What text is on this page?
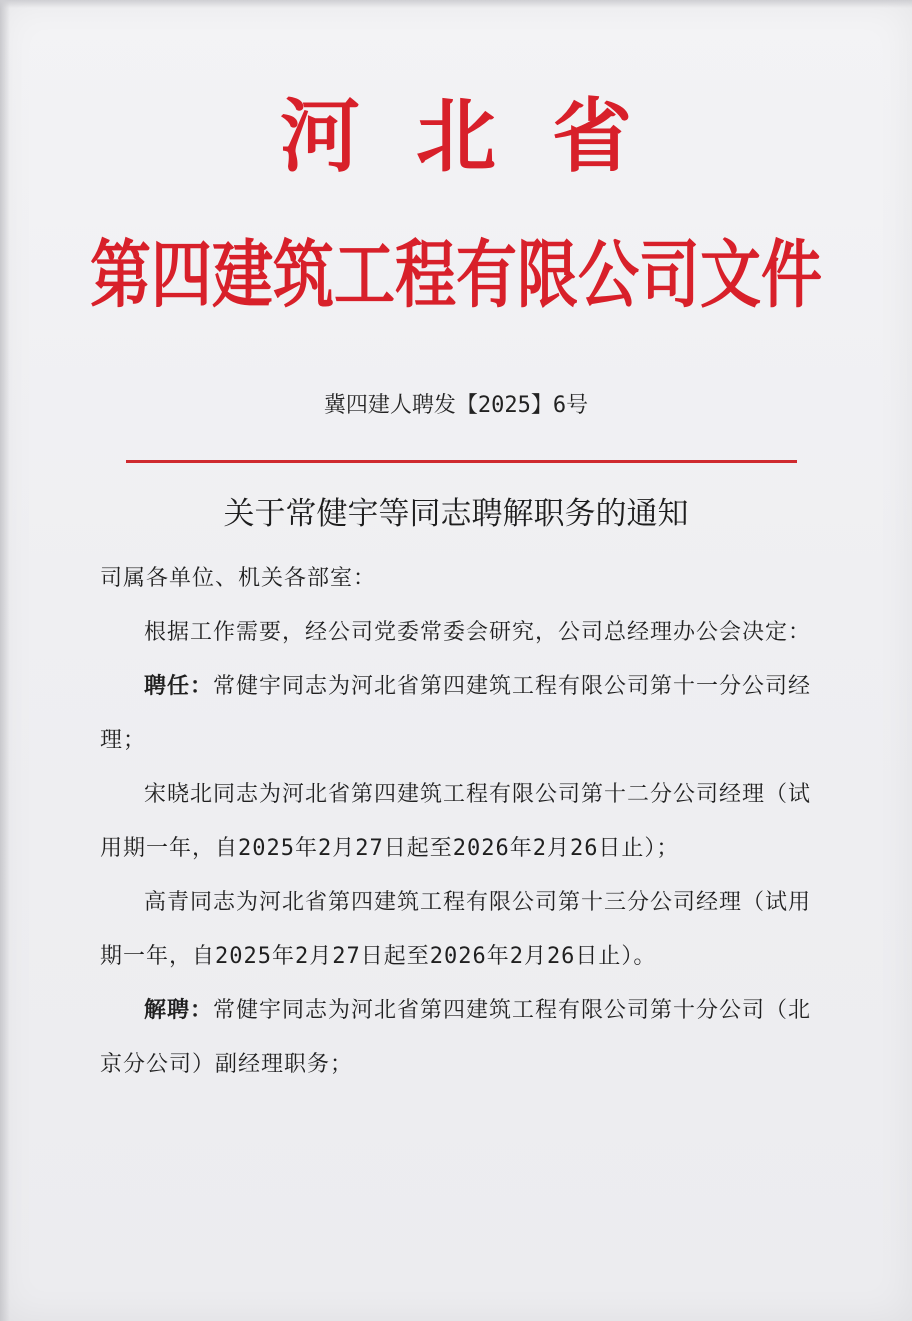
河北省
第四建筑工程有限公司文件
冀四建人聘发【2025】6号
关于常健宇等同志聘解职务的通知

司属各单位、机关各部室：

根据工作需要，经公司党委常委会研究，公司总经理办公会决定：

聘任：常健宇同志为河北省第四建筑工程有限公司第十一分公司经理；

宋晓北同志为河北省第四建筑工程有限公司第十二分公司经理（试用期一年，自2025年2月27日起至2026年2月26日止）；

高青同志为河北省第四建筑工程有限公司第十三分公司经理（试用期一年，自2025年2月27日起至2026年2月26日止）。

解聘：常健宇同志为河北省第四建筑工程有限公司第十分公司（北京分公司）副经理职务；
